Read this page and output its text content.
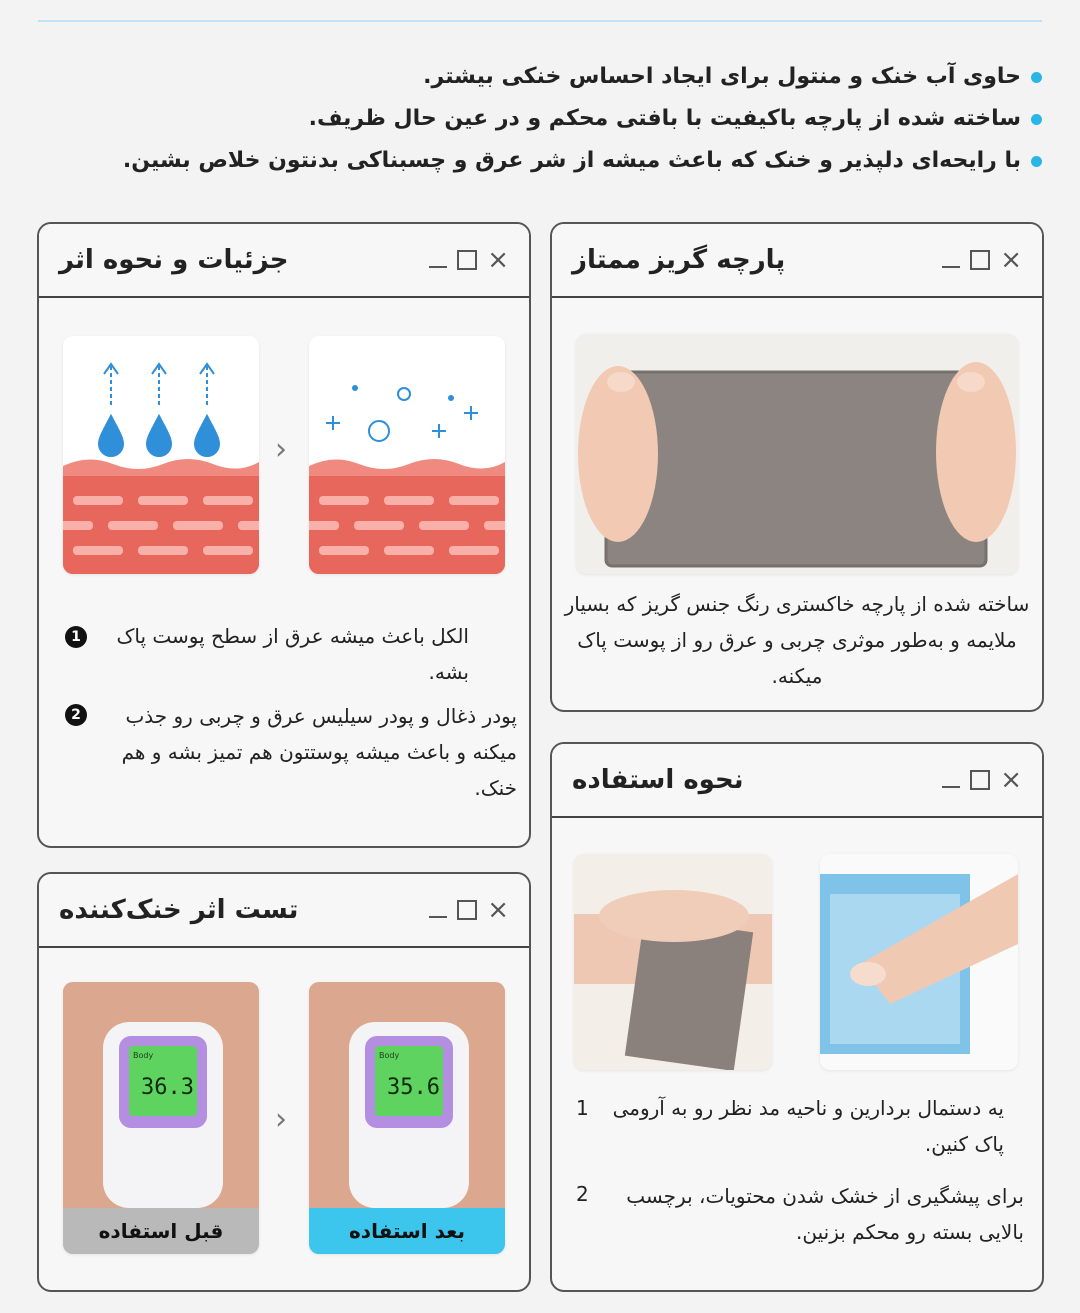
حاوی آب خنک و منتول برای ایجاد احساس خنکی بیشتر.
ساخته شده از پارچه باکیفیت با بافتی محکم و در عین حال ظریف.
با رایحه‌ای دلپذیر و خنک که باعث میشه از شر عرق و چسبناکی بدنتون خلاص بشین.
جزئیات و نحوه اثر	×
›
الکل باعث میشه عرق از سطح پوست پاک بشه.
1
پودر ذغال و پودر سیلیس عرق و چربی رو جذب میکنه و باعث میشه پوستتون هم تمیز بشه و هم خنک.
2
پارچه گریز ممتاز	×
ساخته شده از پارچه خاکستری رنگ جنس گریز که بسیار ملایمه و به‌طور موثری چربی و عرق رو از پوست پاک میکنه.
نحوه استفاده	×
یه دستمال بردارین و ناحیه مد نظر رو به آرومی پاک کنین.
1
برای پیشگیری از خشک شدن محتویات، برچسب بالایی بسته رو محکم بزنین.
2
تست اثر خنک‌کننده	×
Body
36.3
قبل استفاده
›
Body
35.6
بعد استفاده
